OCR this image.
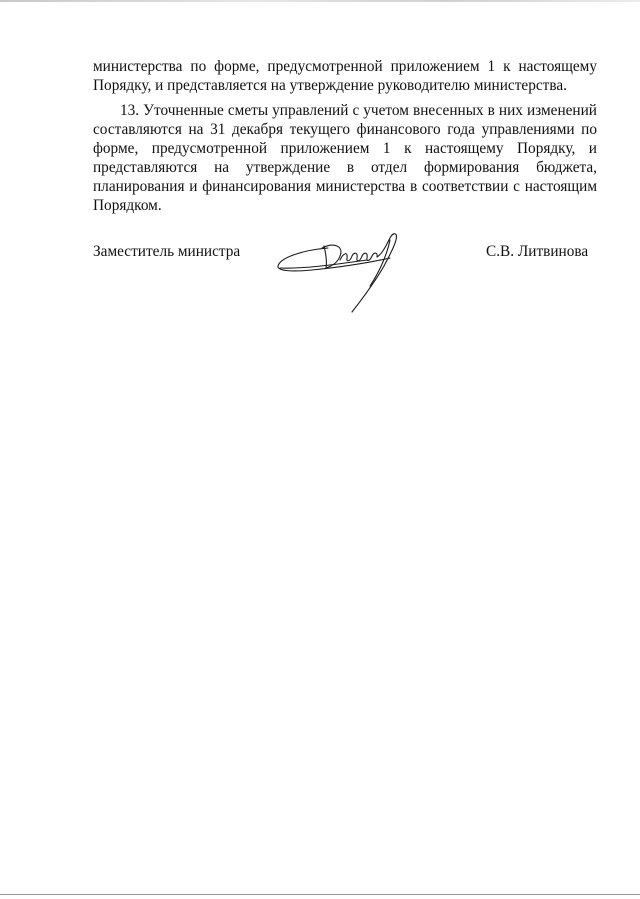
министерства по форме, предусмотренной приложением 1 к настоящему Порядку, и представляется на утверждение руководителю министерства.

13. Уточненные сметы управлений с учетом внесенных в них изменений составляются на 31 декабря текущего финансового года управлениями по форме, предусмотренной приложением 1 к настоящему Порядку, и представляются на утверждение в отдел формирования бюджета, планирования и финансирования министерства в соответствии с настоящим Порядком.

Заместитель министра	С.В. Литвинова
